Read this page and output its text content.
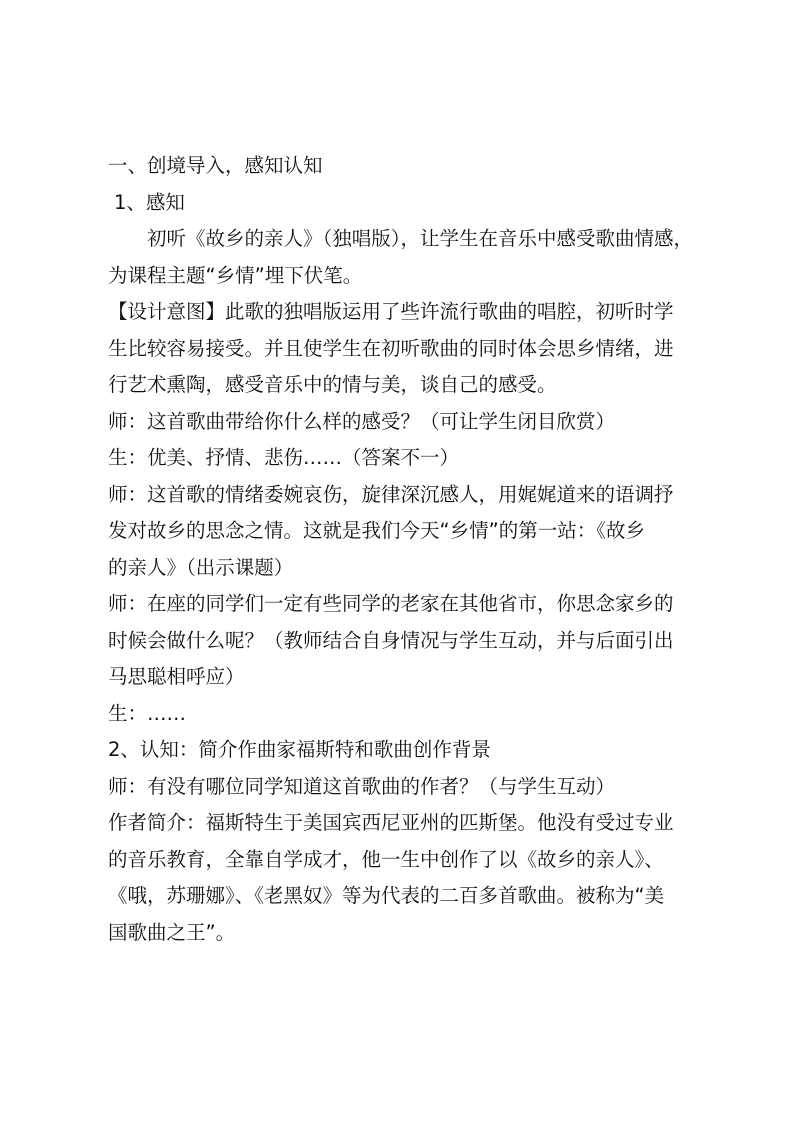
一、创境导入，感知认知
1、感知
初听《故乡的亲人》（独唱版），让学生在音乐中感受歌曲情感，
为课程主题“乡情”埋下伏笔。
【设计意图】此歌的独唱版运用了些许流行歌曲的唱腔，初听时学
生比较容易接受。并且使学生在初听歌曲的同时体会思乡情绪，进
行艺术熏陶，感受音乐中的情与美，谈自己的感受。
师：这首歌曲带给你什么样的感受？（可让学生闭目欣赏）
生：优美、抒情、悲伤……（答案不一）
师：这首歌的情绪委婉哀伤，旋律深沉感人，用娓娓道来的语调抒
发对故乡的思念之情。这就是我们今天“乡情”的第一站：《故乡
的亲人》（出示课题）
师：在座的同学们一定有些同学的老家在其他省市，你思念家乡的
时候会做什么呢？（教师结合自身情况与学生互动，并与后面引出
马思聪相呼应）
生：……
2、认知：简介作曲家福斯特和歌曲创作背景
师：有没有哪位同学知道这首歌曲的作者？（与学生互动）
作者简介：福斯特生于美国宾西尼亚州的匹斯堡。他没有受过专业
的音乐教育，全靠自学成才，他一生中创作了以《故乡的亲人》、
《哦，苏珊娜》、《老黑奴》等为代表的二百多首歌曲。被称为“美
国歌曲之王”。
